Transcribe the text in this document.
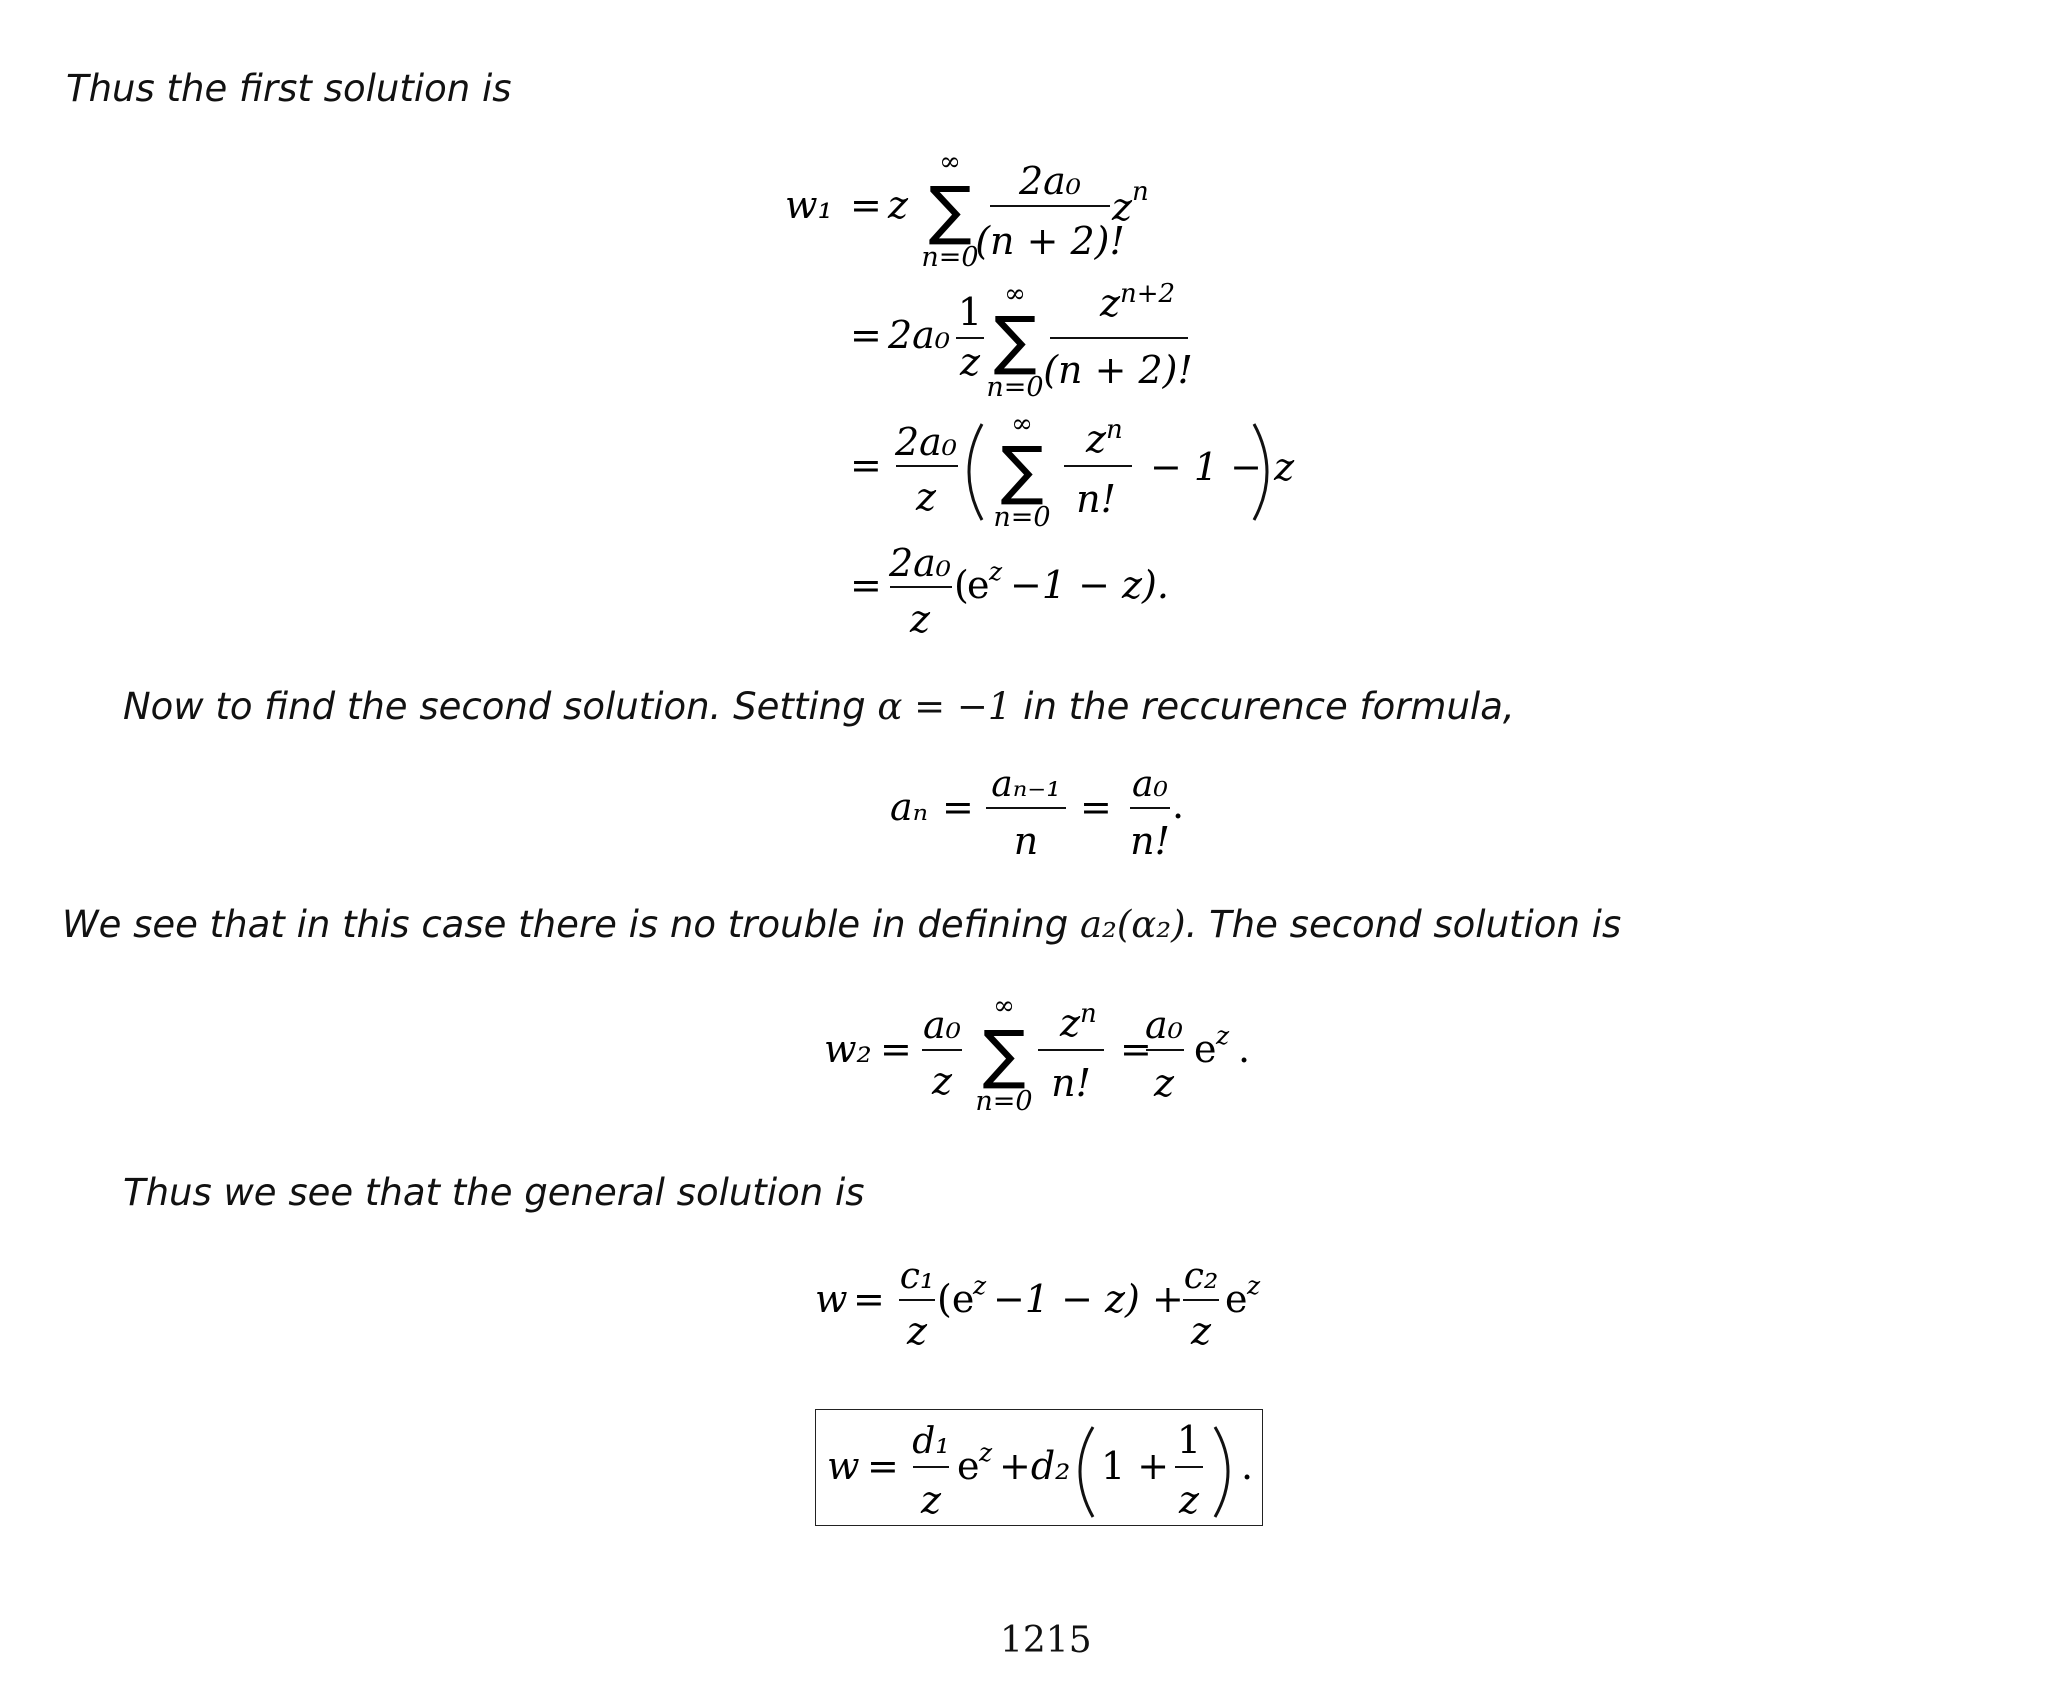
Thus the first solution is

w₁ = z
∞
∑
n=0
2a₀
(n + 2)!
z n
= 2a₀
1
z
∞
∑
n=0
z n+2
(n + 2)!
=
2a₀
z
∞
∑
n=0
z n
n!
− 1 − z
= 2a₀
z
(
e z −1 − z).

Now to find the second solution. Setting α = −1 in the reccurence formula,

aₙ =
aₙ₋₁
n
=
a₀
n!
.

We see that in this case there is no trouble in defining a₂(α₂). The second solution is

w₂ =
a₀
z
∞
∑
n=0
z n
n!
=
a₀
z
e z .

Thus we see that the general solution is

w =
c₁
z
(e
z −1 − z) +
c₂
z
e z
w =
d₁
z
e z +d₂ 1 +
1
z
.

1215
